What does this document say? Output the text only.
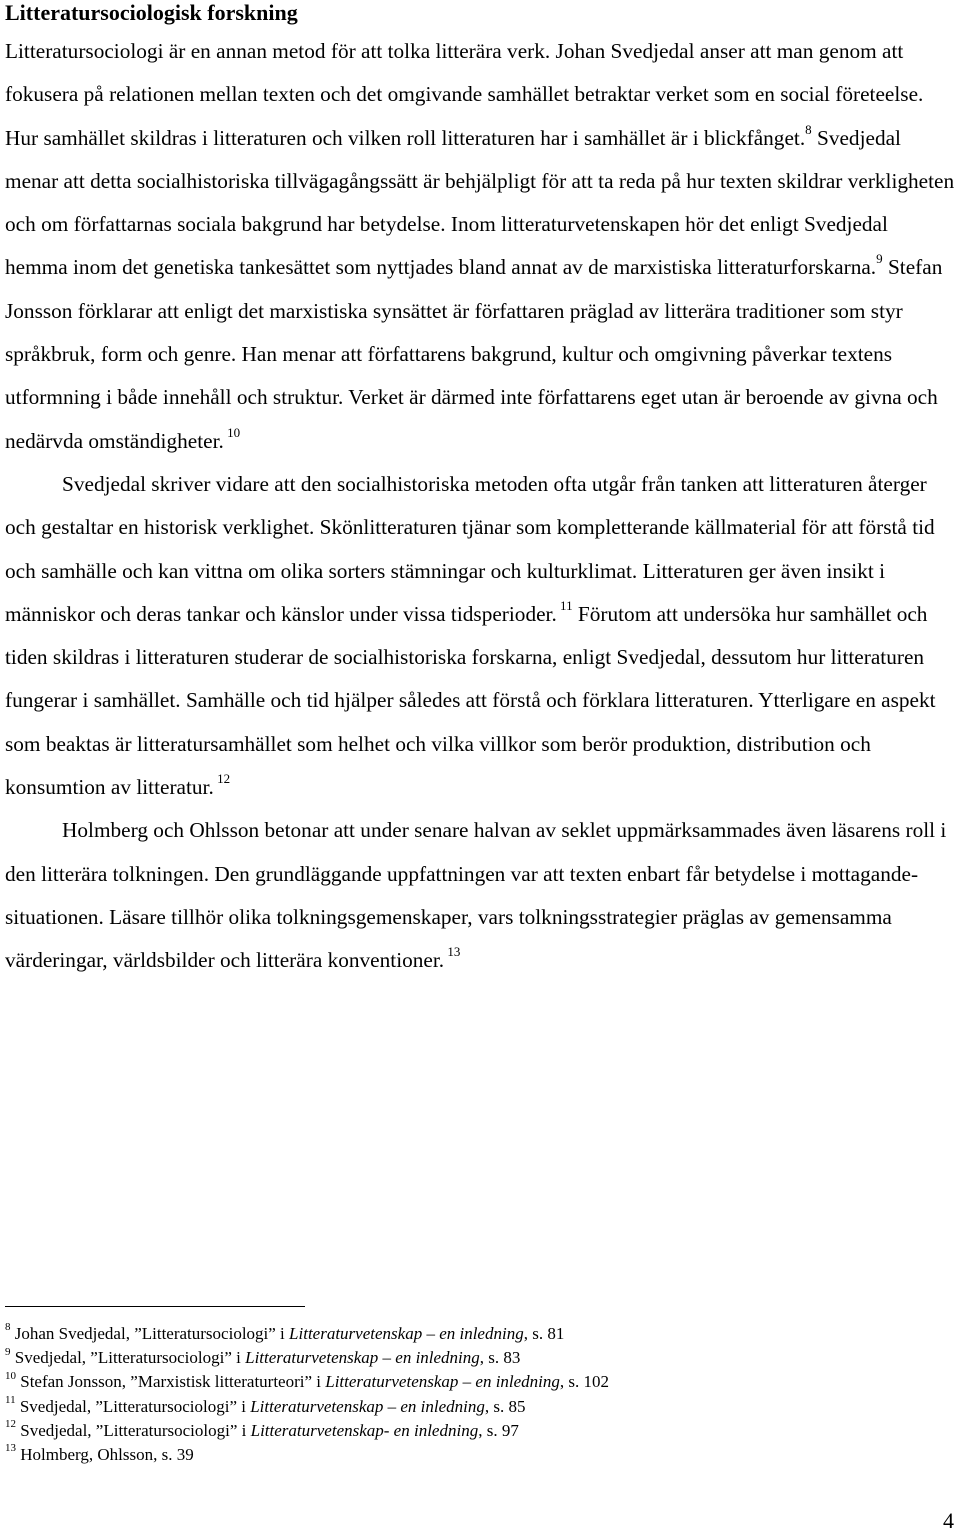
Litteratursociologisk forskning

Litteratursociologi är en annan metod för att tolka litterära verk. Johan Svedjedal anser att man genom att fokusera på relationen mellan texten och det omgivande samhället betraktar verket som en social företeelse. Hur samhället skildras i litteraturen och vilken roll litteraturen har i samhället är i blickfånget.$^8$ Svedjedal menar att detta socialhistoriska tillvägagångssätt är behjälpligt för att ta reda på hur texten skildrar verkligheten och om författarnas sociala bakgrund har betydelse. Inom litteraturvetenskapen hör det enligt Svedjedal hemma inom det genetiska tankesättet som nyttjades bland annat av de marxistiska litteraturforskarna.$^9$ Stefan Jonsson förklarar att enligt det marxistiska synsättet är författaren präglad av litterära traditioner som styr språkbruk, form och genre. Han menar att författarens bakgrund, kultur och omgivning påverkar textens utformning i både innehåll och struktur. Verket är därmed inte författarens eget utan är beroende av givna och nedärvda omständigheter. $^{10}$

Svedjedal skriver vidare att den socialhistoriska metoden ofta utgår från tanken att litteraturen återger och gestaltar en historisk verklighet. Skönlitteraturen tjänar som kompletterande källmaterial för att förstå tid och samhälle och kan vittna om olika sorters stämningar och kulturklimat. Litteraturen ger även insikt i människor och deras tankar och känslor under vissa tidsperioder. $^{11}$ Förutom att undersöka hur samhället och tiden skildras i litteraturen studerar de socialhistoriska forskarna, enligt Svedjedal, dessutom hur litteraturen fungerar i samhället. Samhälle och tid hjälper således att förstå och förklara litteraturen. Ytterligare en aspekt som beaktas är litteratursamhället som helhet och vilka villkor som berör produktion, distribution och konsumtion av litteratur. $^{12}$

Holmberg och Ohlsson betonar att under senare halvan av seklet uppmärksammades även läsarens roll i den litterära tolkningen. Den grundläggande uppfattningen var att texten enbart får betydelse i mottagande-situationen. Läsare tillhör olika tolkningsgemenskaper, vars tolkningsstrategier präglas av gemensamma värderingar, världsbilder och litterära konventioner. $^{13}$

$^8$ Johan Svedjedal, ”Litteratursociologi” i Litteraturvetenskap – en inledning, s. 81

$^9$ Svedjedal, ”Litteratursociologi” i Litteraturvetenskap – en inledning, s. 83

$^{10}$ Stefan Jonsson, ”Marxistisk litteraturteori” i Litteraturvetenskap – en inledning, s. 102

$^{11}$ Svedjedal, ”Litteratursociologi” i Litteraturvetenskap – en inledning, s. 85

$^{12}$ Svedjedal, ”Litteratursociologi” i Litteraturvetenskap- en inledning, s. 97

$^{13}$ Holmberg, Ohlsson, s. 39

4
